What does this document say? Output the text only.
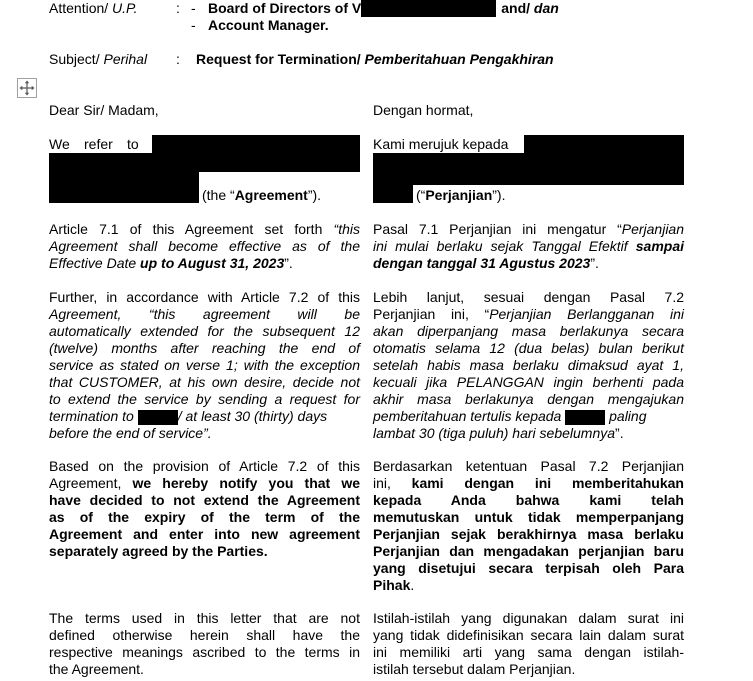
Attention/ U.P.	: - Board of Directors of V	and/ dan
- Account Manager.
Subject/ Perihal : Request for Termination/ Pemberitahuan Pengakhiran
Dear Sir/ Madam,
We refer to
(the “Agreement”).
Article 7.1 of this Agreement set forth “this
Agreement shall become effective as of the
Effective Date up to August 31, 2023”.
Further, in accordance with Article 7.2 of this
Agreement, “this agreement will be
automatically extended for the subsequent 12
(twelve) months after reaching the end of
service as stated on verse 1; with the exception
that CUSTOMER, at his own desire, decide not
to extend the service by sending a request for
termination to	/ at least 30 (thirty) days
before the end of service”.
Based on the provision of Article 7.2 of this
Agreement, we hereby notify you that we
have decided to not extend the Agreement
as of the expiry of the term of the
Agreement and enter into new agreement
separately agreed by the Parties.
The terms used in this letter that are not
defined otherwise herein shall have the
respective meanings ascribed to the terms in
the Agreement.
Dengan hormat,
Kami merujuk kepada
(“Perjanjian”).
Pasal 7.1 Perjanjian ini mengatur “Perjanjian
ini mulai berlaku sejak Tanggal Efektif sampai
dengan tanggal 31 Agustus 2023”.
Lebih lanjut, sesuai dengan Pasal 7.2
Perjanjian ini, “Perjanjian Berlangganan ini
akan diperpanjang masa berlakunya secara
otomatis selama 12 (dua belas) bulan berikut
setelah habis masa berlaku dimaksud ayat 1,
kecuali jika PELANGGAN ingin berhenti pada
akhir masa berlakunya dengan mengajukan
pemberitahuan tertulis kepada	paling
lambat 30 (tiga puluh) hari sebelumnya”.
Berdasarkan ketentuan Pasal 7.2 Perjanjian
ini, kami dengan ini memberitahukan
kepada Anda bahwa kami telah
memutuskan untuk tidak memperpanjang
Perjanjian sejak berakhirnya masa berlaku
Perjanjian dan mengadakan perjanjian baru
yang disetujui secara terpisah oleh Para
Pihak.
Istilah-istilah yang digunakan dalam surat ini
yang tidak didefinisikan secara lain dalam surat
ini memiliki arti yang sama dengan istilah-
istilah tersebut dalam Perjanjian.
